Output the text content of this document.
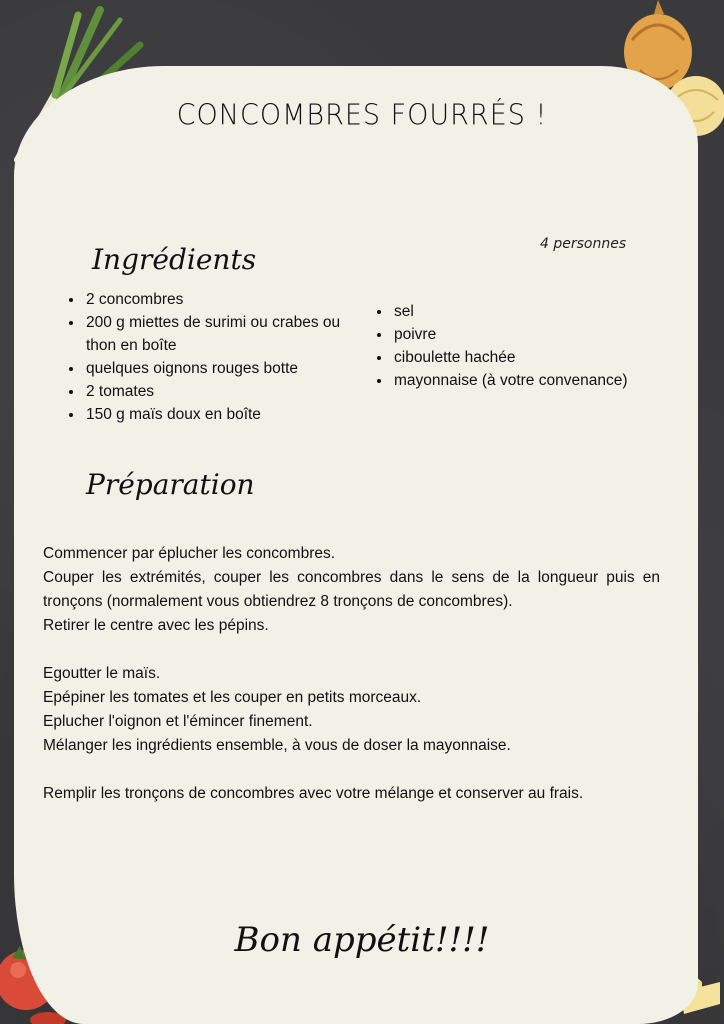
CONCOMBRES FOURRÉS !
4 personnes
Ingrédients
• 2 concombres
• 200 g miettes de surimi ou crabes ou thon en boîte
• quelques oignons rouges botte
• 2 tomates
• 150 g maïs doux en boîte
• sel
• poivre
• ciboulette hachée
• mayonnaise (à votre convenance)
Préparation

Commencer par éplucher les concombres.

Couper les extrémités, couper les concombres dans le sens de la longueur puis en tronçons (normalement vous obtiendrez 8 tronçons de concombres).

Retirer le centre avec les pépins.

Egoutter le maïs.

Epépiner les tomates et les couper en petits morceaux.

Eplucher l'oignon et l'émincer finement.

Mélanger les ingrédients ensemble, à vous de doser la mayonnaise.

Remplir les tronçons de concombres avec votre mélange et conserver au frais.

Bon appétit!!!!
